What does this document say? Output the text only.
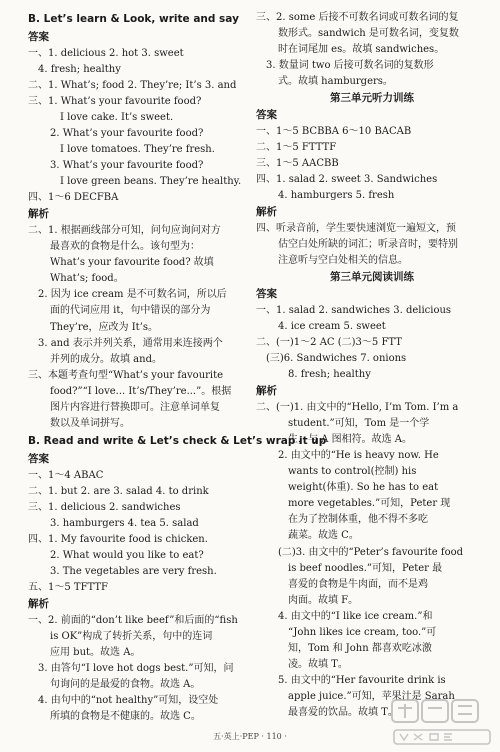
B. Let’s learn & Look, write and say
答案
一、1. delicious 2. hot 3. sweet
4. fresh; healthy
二、1. What’s; food 2. They’re; It’s 3. and
三、1. What’s your favourite food?
I love cake. It’s sweet.
2. What’s your favourite food?
I love tomatoes. They’re fresh.
3. What’s your favourite food?
I love green beans. They’re healthy.
四、1～6 DECFBA
解析
二、1. 根据画线部分可知，问句应询问对方
最喜欢的食物是什么。该句型为：
What’s your favourite food? 故填
What’s; food。
2. 因为 ice cream 是不可数名词，所以后
面的代词应用 it，句中错误的部分为
They’re，应改为 It’s。
3. and 表示并列关系，通常用来连接两个
并列的成分。故填 and。
三、本题考查句型“What’s your favourite
food?”“I love... It’s/They’re...”。根据
图片内容进行替换即可。注意单词单复
数以及单词拼写。
B. Read and write & Let’s check & Let’s wrap it up
答案
一、1～4 ABAC
二、1. but 2. are 3. salad 4. to drink
三、1. delicious 2. sandwiches
3. hamburgers 4. tea 5. salad
四、1. My favourite food is chicken.
2. What would you like to eat?
3. The vegetables are very fresh.
五、1～5 TFTTF
解析
一、2. 前面的“don’t like beef”和后面的“fish
is OK”构成了转折关系，句中的连词
应用 but。故选 A。
3. 由答句“I love hot dogs best.”可知，问
句询问的是最爱的食物。故选 A。
4. 由句中的“not healthy”可知，设空处
所填的食物是不健康的。故选 C。
三、2. some 后接不可数名词或可数名词的复
数形式。sandwich 是可数名词，变复数
时在词尾加 es。故填 sandwiches。
3. 数量词 two 后接可数名词的复数形
式。故填 hamburgers。
第三单元听力训练
答案
一、1～5 BCBBA 6～10 BACAB
二、1～5 FTTTF
三、1～5 AACBB
四、1. salad 2. sweet 3. Sandwiches
4. hamburgers 5. fresh
解析
四、听录音前，学生要快速浏览一遍短文，预
估空白处所缺的词汇；听录音时，要特别
注意听与空白处相关的信息。
第三单元阅读训练
答案
一、1. salad 2. sandwiches 3. delicious
4. ice cream 5. sweet
二、(一)1～2 AC (二)3～5 FTT
(三)6. Sandwiches 7. onions
8. fresh; healthy
解析
二、(一)1. 由文中的“Hello, I’m Tom. I’m a
student.”可知，Tom 是一个学
生，与 A 图相符。故选 A。
2. 由文中的“He is heavy now. He
wants to control(控制) his
weight(体重). So he has to eat
more vegetables.”可知，Peter 现
在为了控制体重，他不得不多吃
蔬菜。故选 C。
(二)3. 由文中的“Peter’s favourite food
is beef noodles.”可知，Peter 最
喜爱的食物是牛肉面，而不是鸡
肉面。故填 F。
4. 由文中的“I like ice cream.”和
“John likes ice cream, too.”可
知，Tom 和 John 都喜欢吃冰激
凌。故填 T。
5. 由文中的“Her favourite drink is
apple juice.”可知，苹果汁是 Sarah
最喜爱的饮品。故填 T。
五·英上·PEP · 110 ·
